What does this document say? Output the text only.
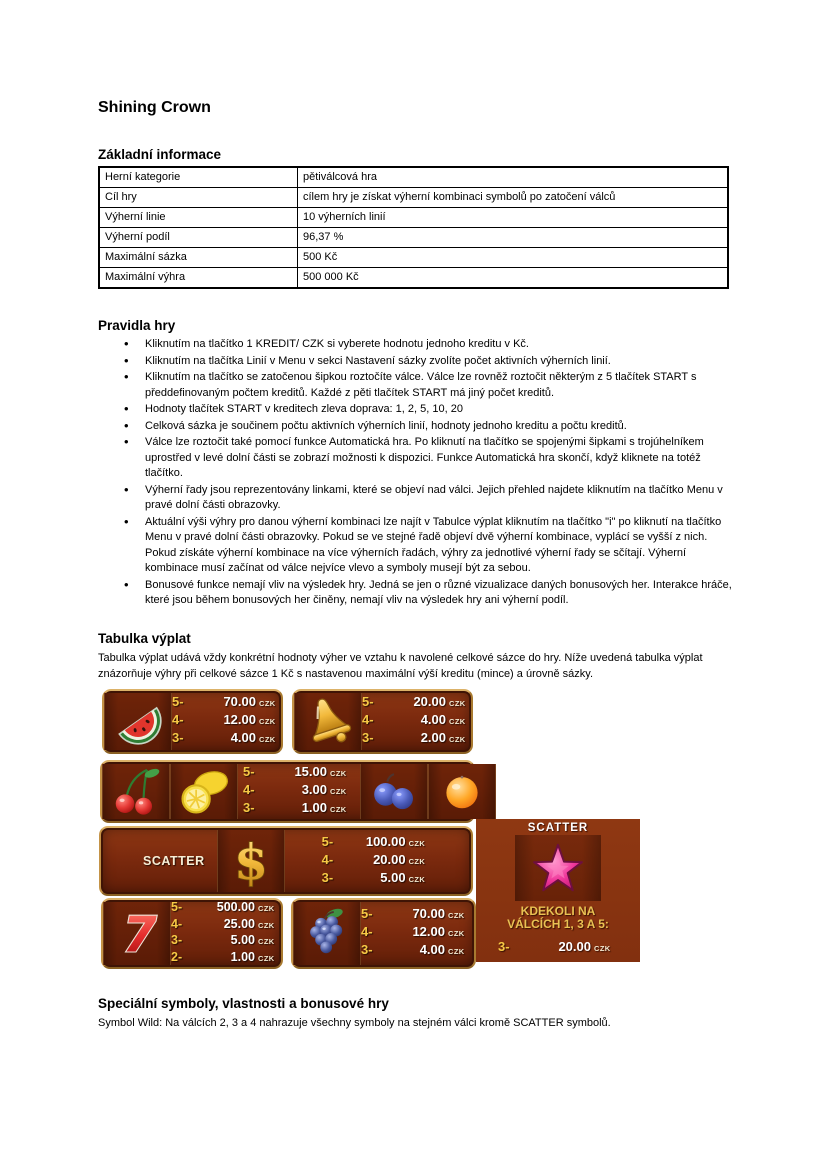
Shining Crown
Základní informace
Herní kategorie	pětiválcová hra
Cíl hry	cílem hry je získat výherní kombinaci symbolů po zatočení válců
Výherní linie	10 výherních linií
Výherní podíl	96,37 %
Maximální sázka	500 Kč
Maximální výhra	500 000 Kč
Pravidla hry
• Kliknutím na tlačítko 1 KREDIT/ CZK si vyberete hodnotu jednoho kreditu v Kč.
• Kliknutím na tlačítka Linií v Menu v sekci Nastavení sázky zvolíte počet aktivních výherních linií.
• Kliknutím na tlačítko se zatočenou šipkou roztočíte válce. Válce lze rovněž roztočit některým z 5 tlačítek START s předdefinovaným počtem kreditů. Každé z pěti tlačítek START má jiný počet kreditů.
• Hodnoty tlačítek START v kreditech zleva doprava: 1, 2, 5, 10, 20
• Celková sázka je součinem počtu aktivních výherních linií, hodnoty jednoho kreditu a počtu kreditů.
• Válce lze roztočit také pomocí funkce Automatická hra. Po kliknutí na tlačítko se spojenými šipkami s trojúhelníkem uprostřed v levé dolní části se zobrazí možnosti k dispozici. Funkce Automatická hra skončí, když kliknete na totéž tlačítko.
• Výherní řady jsou reprezentovány linkami, které se objeví nad válci. Jejich přehled najdete kliknutím na tlačítko Menu v pravé dolní části obrazovky.
• Aktuální výši výhry pro danou výherní kombinaci lze najít v Tabulce výplat kliknutím na tlačítko "i" po kliknutí na tlačítko Menu v pravé dolní části obrazovky. Pokud se ve stejné řadě objeví dvě výherní kombinace, vyplácí se vyšší z nich. Pokud získáte výherní kombinace na více výherních řadách, výhry za jednotlivé výherní řady se sčítají. Výherní kombinace musí začínat od válce nejvíce vlevo a symboly musejí být za sebou.
• Bonusové funkce nemají vliv na výsledek hry. Jedná se jen o různé vizualizace daných bonusových her. Interakce hráče, které jsou během bonusových her činěny, nemají vliv na výsledek hry ani výherní podíl.
Tabulka výplat

Tabulka výplat udává vždy konkrétní hodnoty výher ve vztahu k navolené celkové sázce do hry. Níže uvedená tabulka výplat znázorňuje výhry při celkové sázce 1 Kč s nastavenou maximální výší kreditu (mince) a úrovně sázky.

5-	70.00 CZK
4-	12.00 CZK
3-	4.00 CZK
5-	20.00 CZK
4-	4.00 CZK
3-	2.00 CZK
5-	15.00 CZK
4-	3.00 CZK
3-	1.00 CZK
SCATTER $	5-	100.00 CZK
4-	20.00 CZK
3-	5.00 CZK
SCATTER
KDEKOLI NA
VÁLCÍCH 1, 3 A 5:
3-	20.00 CZK
7 5-	500.00 CZK
4-	25.00 CZK
3-	5.00 CZK
2-	1.00 CZK
5-	70.00 CZK
4-	12.00 CZK
3-	4.00 CZK
Speciální symboly, vlastnosti a bonusové hry

Symbol Wild: Na válcích 2, 3 a 4 nahrazuje všechny symboly na stejném válci kromě SCATTER symbolů.
